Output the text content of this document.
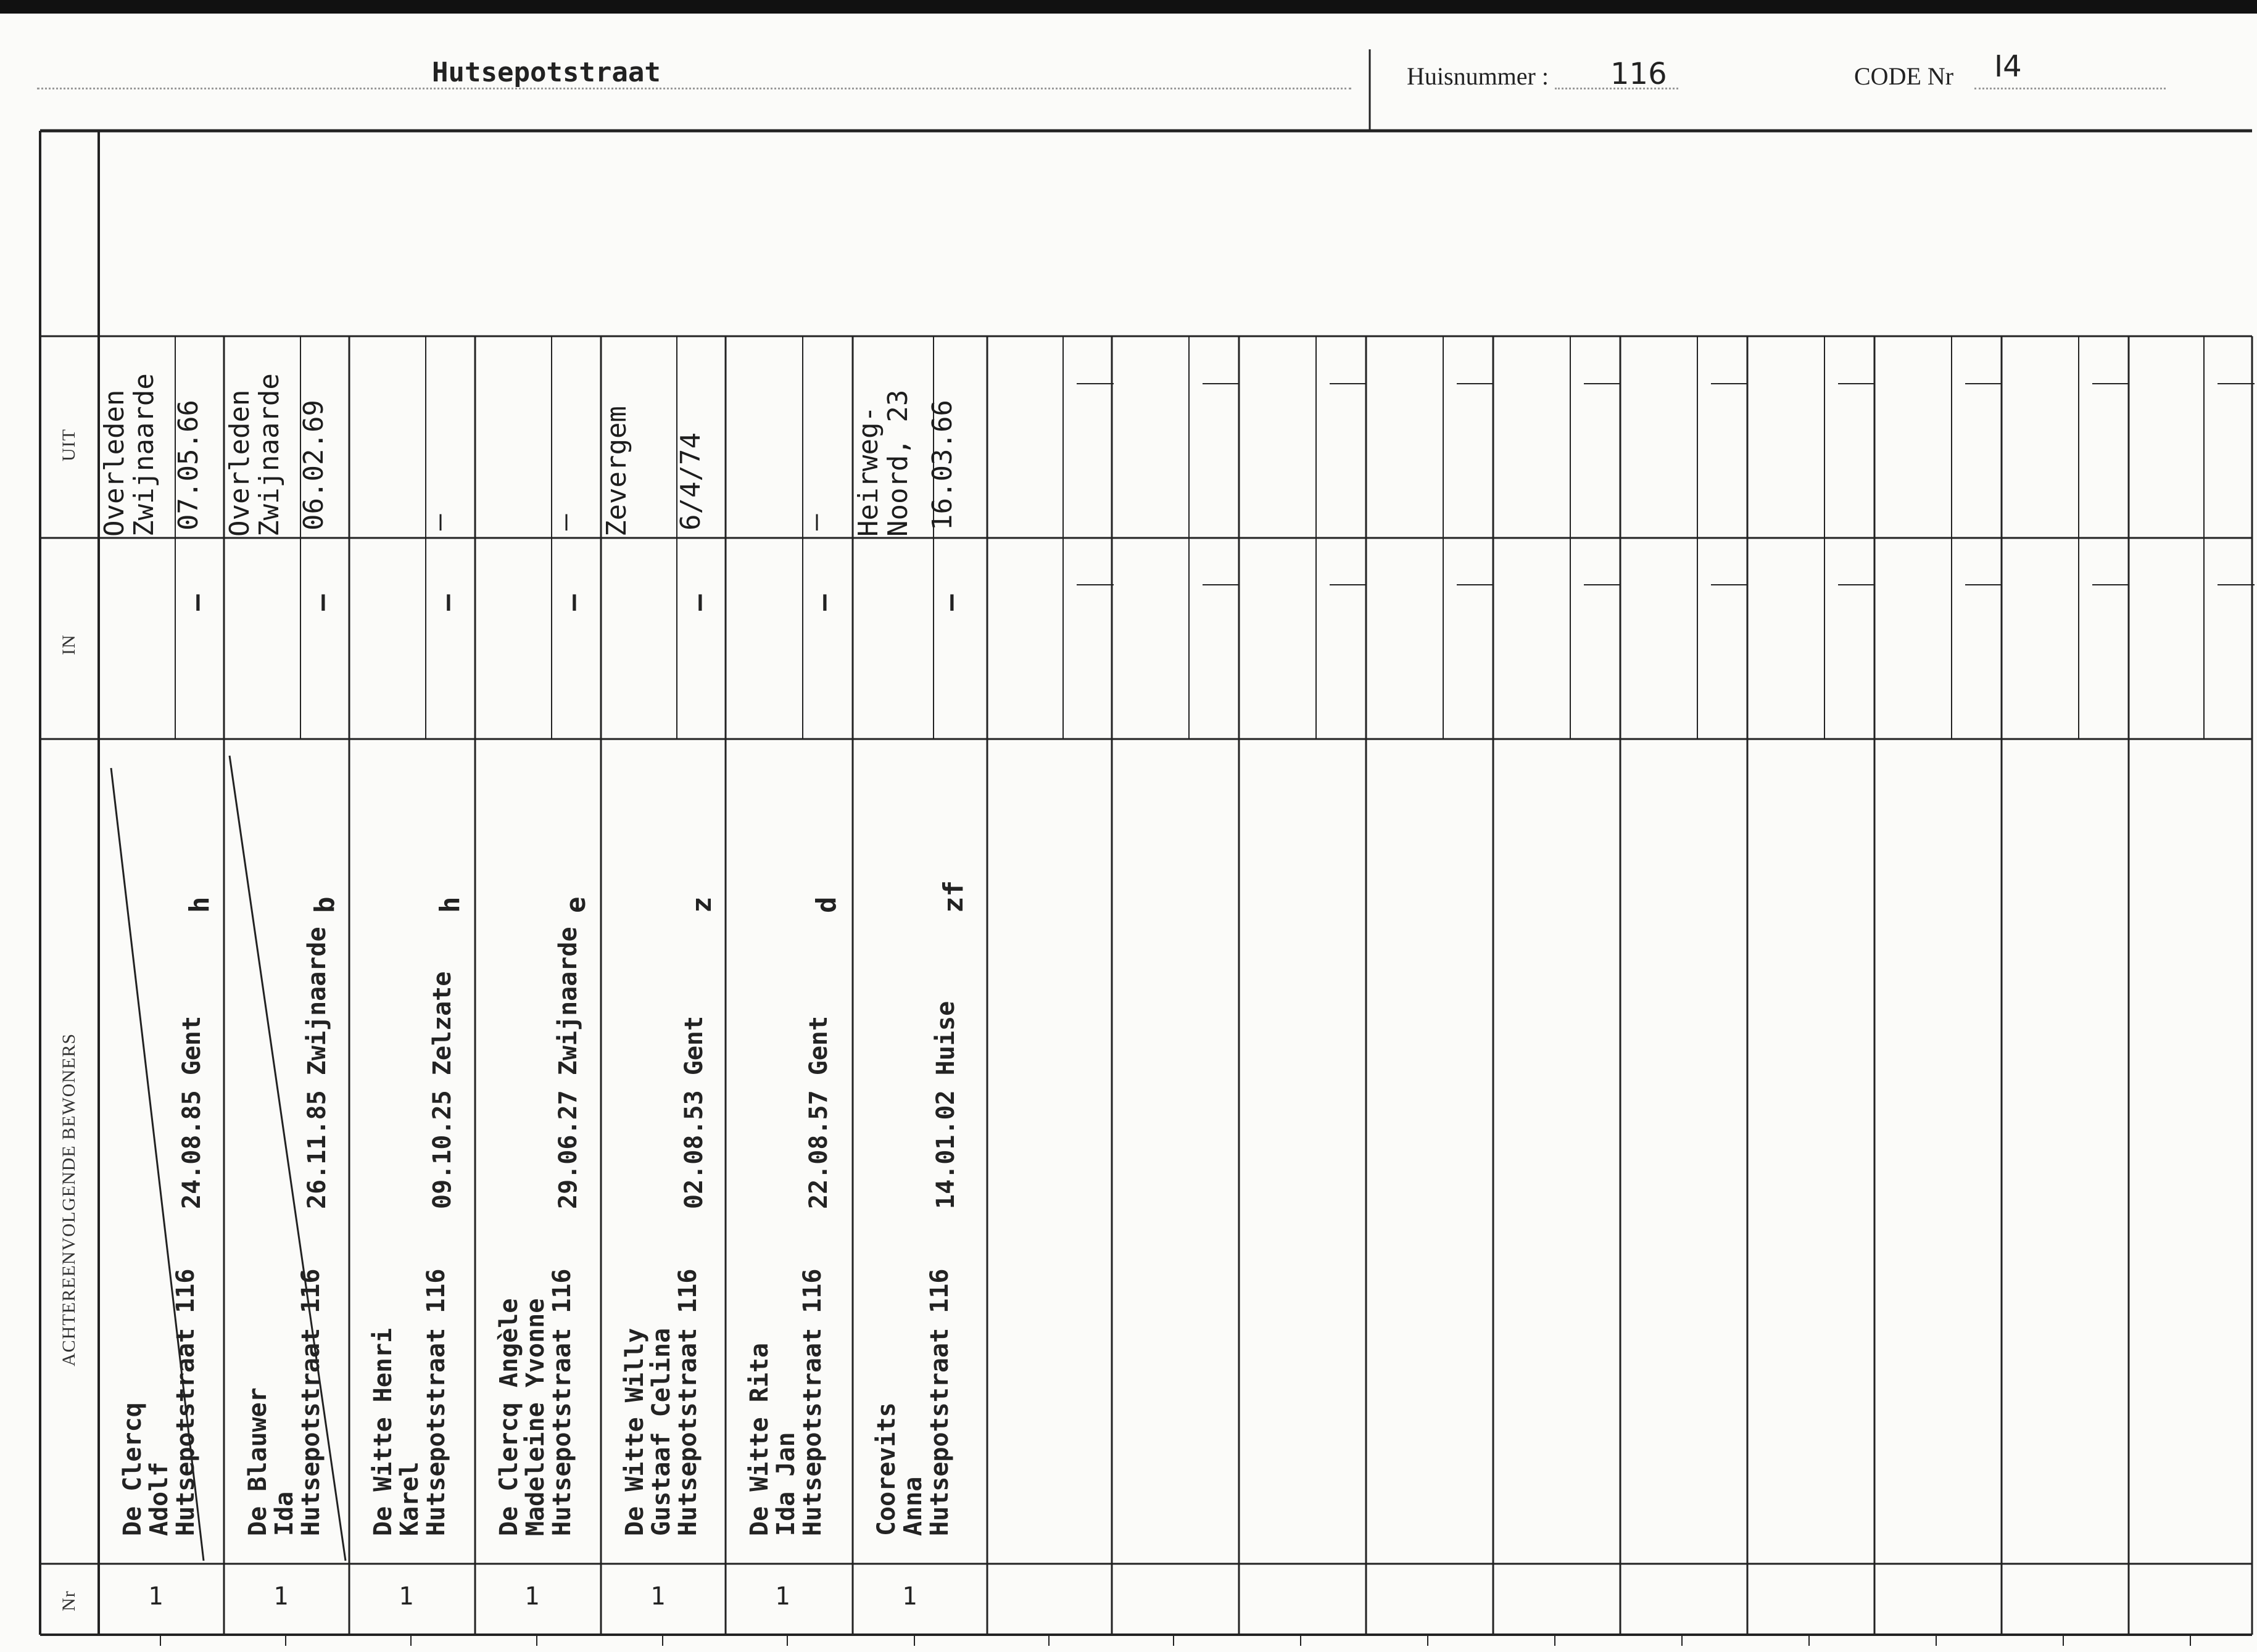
Hutsepotstraat	Huisnummer : 116	CODE Nr I4
Nr
ACHTEREENVOLGENDE BEWONERS
IN
UIT
1
De Clercq
Adolf
Hutsepotstraat 116
24.08.85 Gent
h
—
Overleden
Zwijnaarde 07.05.66
1
De Blauwer
Ida
Hutsepotstraat 116
26.11.85 Zwijnaarde
b
—
Overleden
Zwijnaarde 06.02.69
1
De Witte Henri
Karel
Hutsepotstraat 116
09.10.25 Zelzate
h
—
—
1
De Clercq Angèle
Madeleine Yvonne
Hutsepotstraat 116
29.06.27 Zwijnaarde
e
—
—
1
De Witte Willy
Gustaaf Celina
Hutsepotstraat 116
02.08.53 Gent
z
—
Zevergem 6/4/74
1
De Witte Rita
Ida Jan
Hutsepotstraat 116
22.08.57 Gent
d
—
—
1
Coorevits
Anna
Hutsepotstraat 116
14.01.02 Huise
zf
—
Heirweg-
Noord, 23 16.03.66
